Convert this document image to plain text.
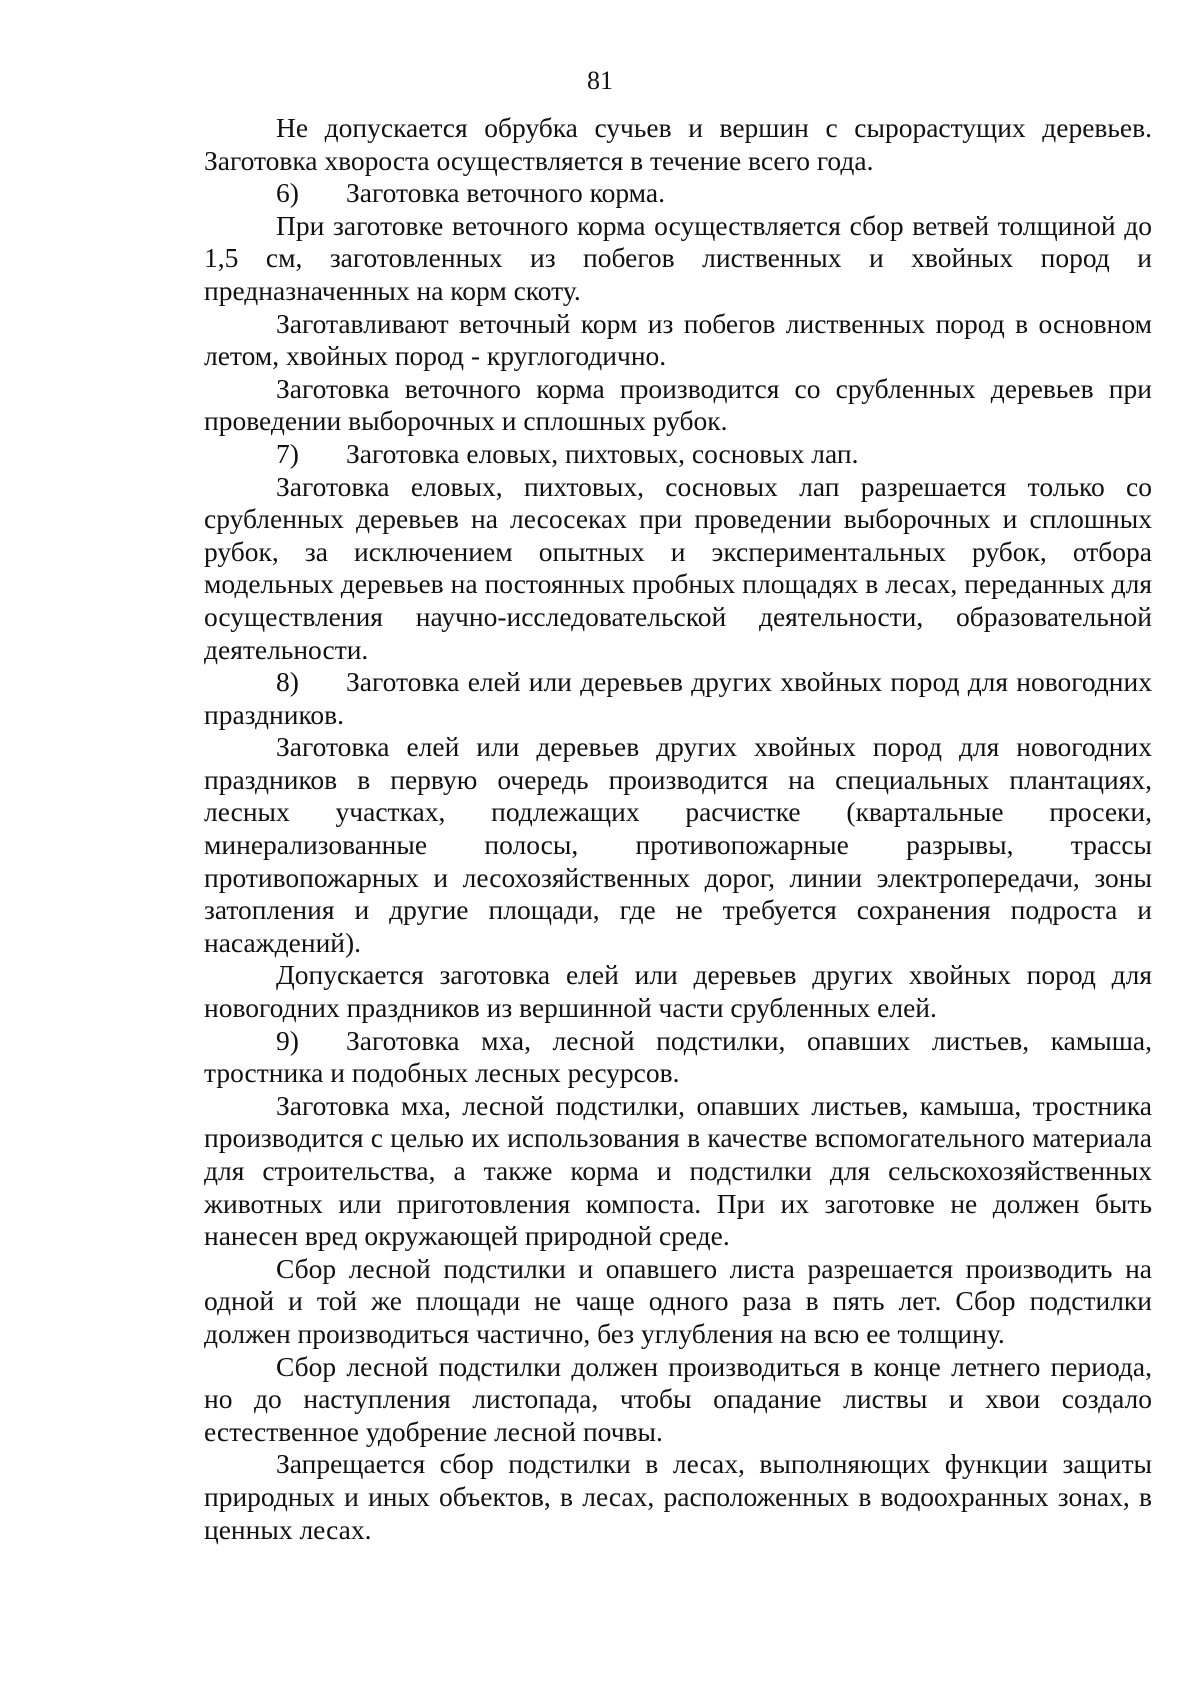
81

Не допускается обрубка сучьев и вершин с сырорастущих деревьев. Заготовка хвороста осуществляется в течение всего года.

6) Заготовка веточного корма.

При заготовке веточного корма осуществляется сбор ветвей толщиной до 1,5 см, заготовленных из побегов лиственных и хвойных пород и предназначенных на корм скоту.

Заготавливают веточный корм из побегов лиственных пород в основном летом, хвойных пород - круглогодично.

Заготовка веточного корма производится со срубленных деревьев при проведении выборочных и сплошных рубок.

7) Заготовка еловых, пихтовых, сосновых лап.

Заготовка еловых, пихтовых, сосновых лап разрешается только со срубленных деревьев на лесосеках при проведении выборочных и сплошных рубок, за исключением опытных и экспериментальных рубок, отбора модельных деревьев на постоянных пробных площадях в лесах, переданных для осуществления научно-исследовательской деятельности, образовательной деятельности.

8) Заготовка елей или деревьев других хвойных пород для новогодних праздников.

Заготовка елей или деревьев других хвойных пород для новогодних праздников в первую очередь производится на специальных плантациях, лесных участках, подлежащих расчистке (квартальные просеки, минерализованные полосы, противопожарные разрывы, трассы противопожарных и лесохозяйственных дорог, линии электропередачи, зоны затопления и другие площади, где не требуется сохранения подроста и насаждений).

Допускается заготовка елей или деревьев других хвойных пород для новогодних праздников из вершинной части срубленных елей.

9) Заготовка мха, лесной подстилки, опавших листьев, камыша, тростника и подобных лесных ресурсов.

Заготовка мха, лесной подстилки, опавших листьев, камыша, тростника производится с целью их использования в качестве вспомогательного материала для строительства, а также корма и подстилки для сельскохозяйственных животных или приготовления компоста. При их заготовке не должен быть нанесен вред окружающей природной среде.

Сбор лесной подстилки и опавшего листа разрешается производить на одной и той же площади не чаще одного раза в пять лет. Сбор подстилки должен производиться частично, без углубления на всю ее толщину.

Сбор лесной подстилки должен производиться в конце летнего периода, но до наступления листопада, чтобы опадание листвы и хвои создало естественное удобрение лесной почвы.

Запрещается сбор подстилки в лесах, выполняющих функции защиты природных и иных объектов, в лесах, расположенных в водоохранных зонах, в ценных лесах.
